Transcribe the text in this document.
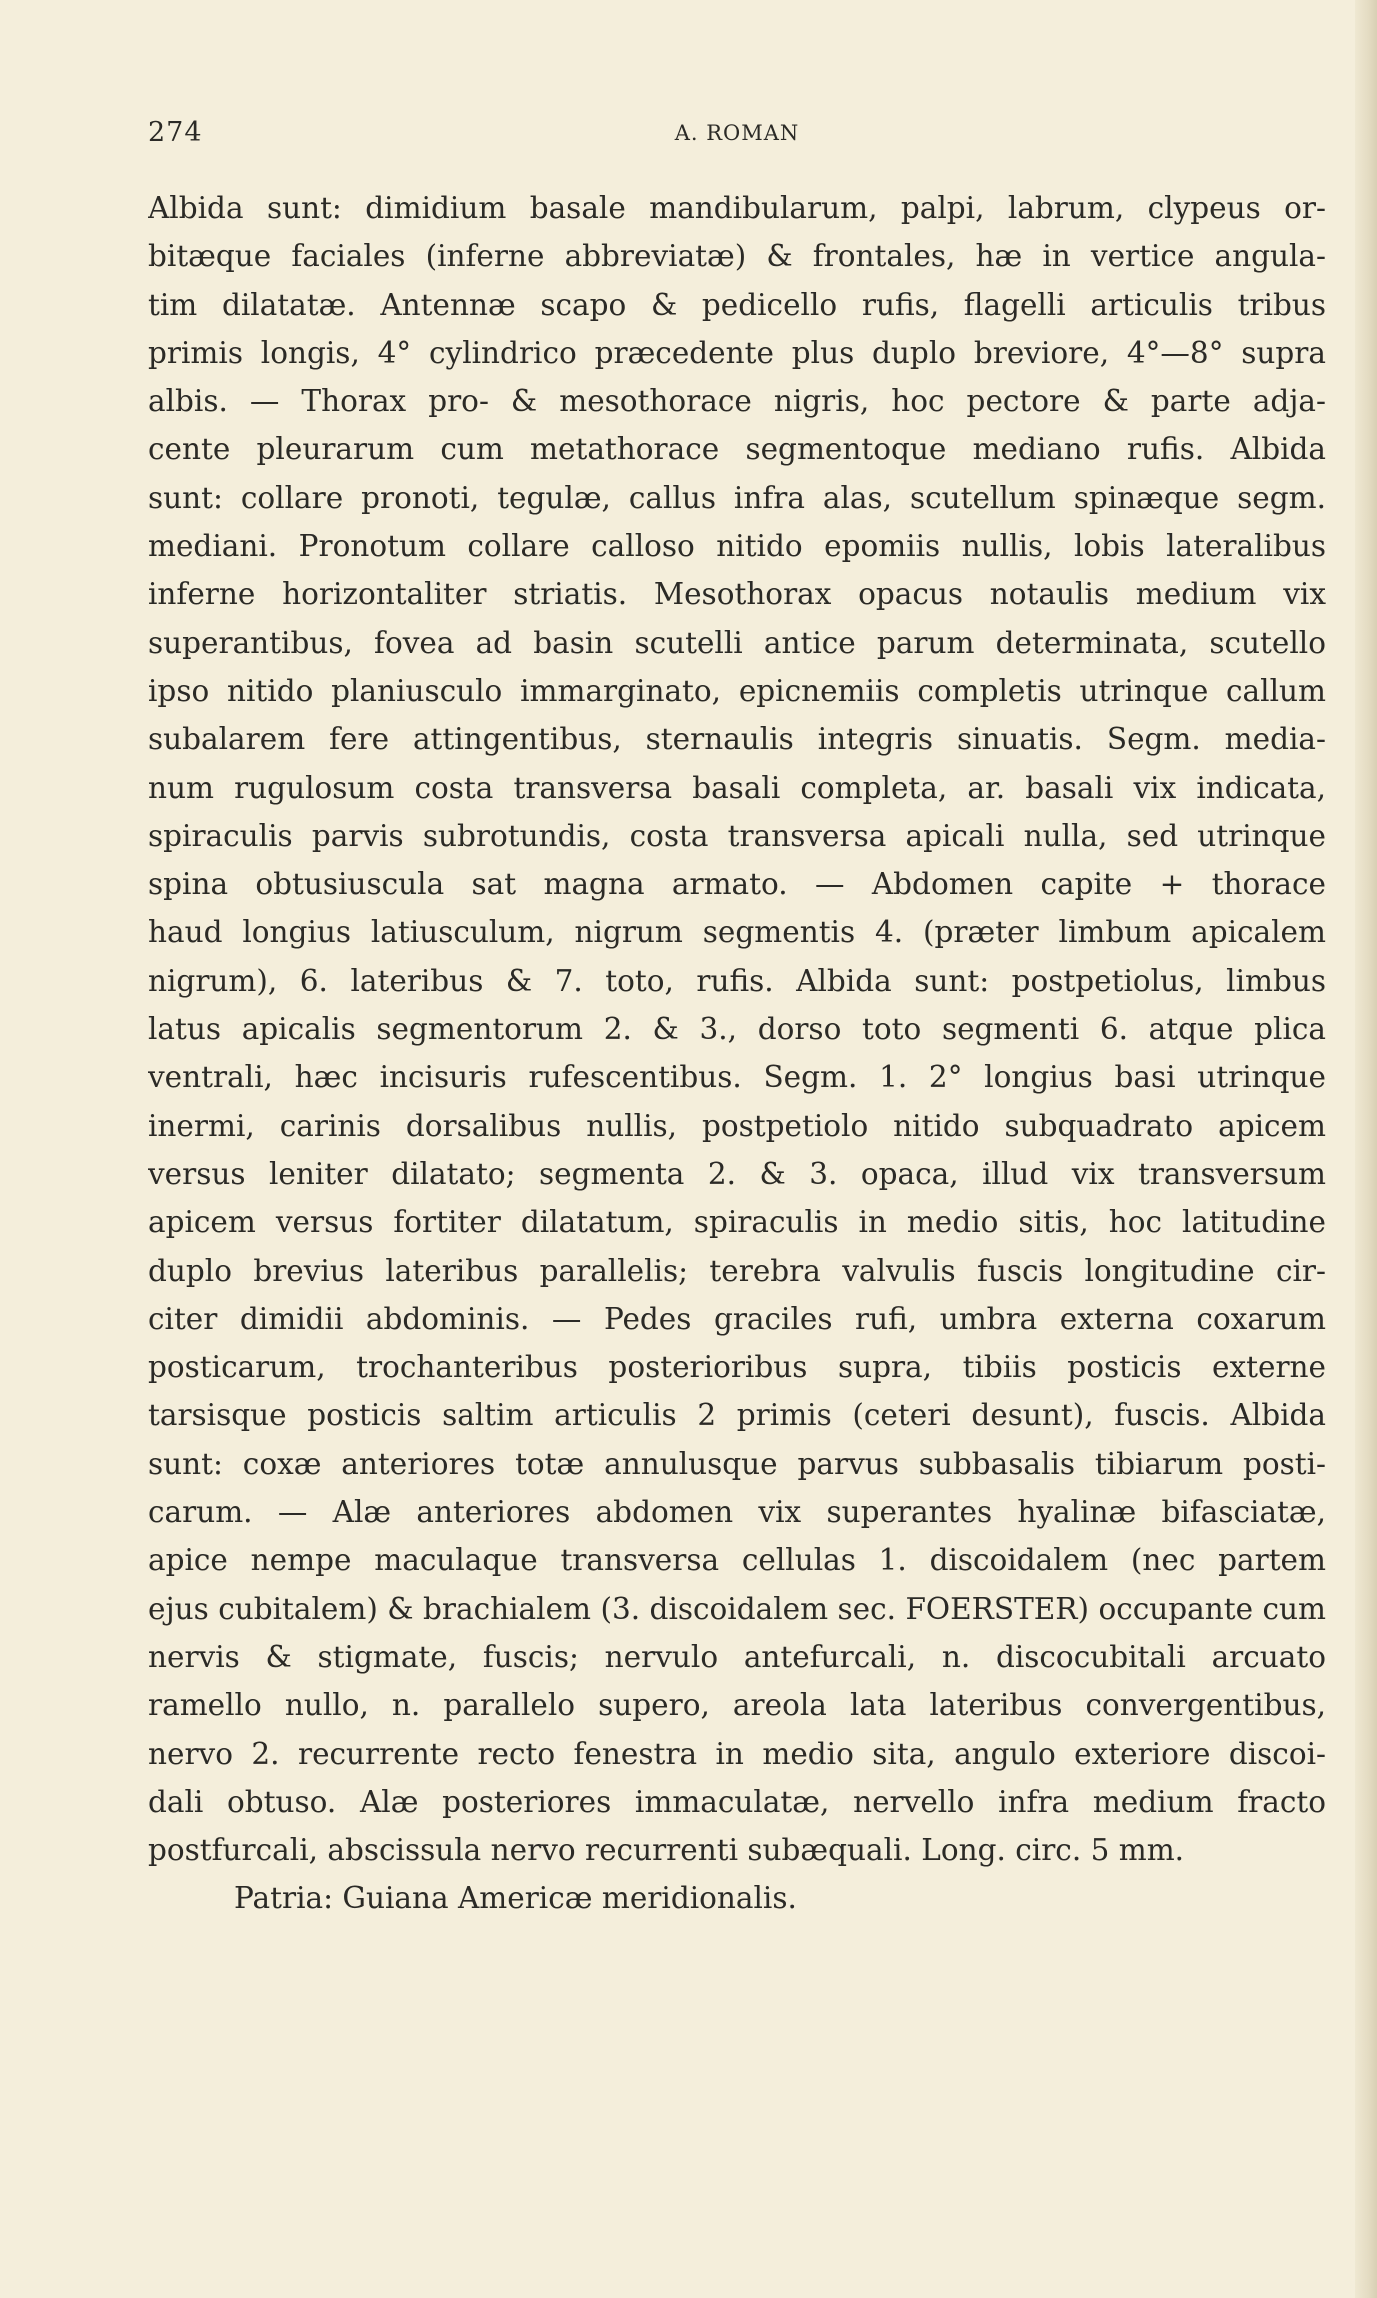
274	A. ROMAN
Albida sunt: dimidium basale mandibularum, palpi, labrum, clypeus or-
bitæque faciales (inferne abbreviatæ) & frontales, hæ in vertice angula-
tim dilatatæ. Antennæ scapo & pedicello rufis, flagelli articulis tribus
primis longis, 4° cylindrico præcedente plus duplo breviore, 4°—8° supra
albis. — Thorax pro- & mesothorace nigris, hoc pectore & parte adja-
cente pleurarum cum metathorace segmentoque mediano rufis. Albida
sunt: collare pronoti, tegulæ, callus infra alas, scutellum spinæque segm.
mediani. Pronotum collare calloso nitido epomiis nullis, lobis lateralibus
inferne horizontaliter striatis. Mesothorax opacus notaulis medium vix
superantibus, fovea ad basin scutelli antice parum determinata, scutello
ipso nitido planiusculo immarginato, epicnemiis completis utrinque callum
subalarem fere attingentibus, sternaulis integris sinuatis. Segm. media-
num rugulosum costa transversa basali completa, ar. basali vix indicata,
spiraculis parvis subrotundis, costa transversa apicali nulla, sed utrinque
spina obtusiuscula sat magna armato. — Abdomen capite + thorace
haud longius latiusculum, nigrum segmentis 4. (præter limbum apicalem
nigrum), 6. lateribus & 7. toto, rufis. Albida sunt: postpetiolus, limbus
latus apicalis segmentorum 2. & 3., dorso toto segmenti 6. atque plica
ventrali, hæc incisuris rufescentibus. Segm. 1. 2° longius basi utrinque
inermi, carinis dorsalibus nullis, postpetiolo nitido subquadrato apicem
versus leniter dilatato; segmenta 2. & 3. opaca, illud vix transversum
apicem versus fortiter dilatatum, spiraculis in medio sitis, hoc latitudine
duplo brevius lateribus parallelis; terebra valvulis fuscis longitudine cir-
citer dimidii abdominis. — Pedes graciles rufi, umbra externa coxarum
posticarum, trochanteribus posterioribus supra, tibiis posticis externe
tarsisque posticis saltim articulis 2 primis (ceteri desunt), fuscis. Albida
sunt: coxæ anteriores totæ annulusque parvus subbasalis tibiarum posti-
carum. — Alæ anteriores abdomen vix superantes hyalinæ bifasciatæ,
apice nempe maculaque transversa cellulas 1. discoidalem (nec partem
ejus cubitalem) & brachialem (3. discoidalem sec. FOERSTER) occupante cum
nervis & stigmate, fuscis; nervulo antefurcali, n. discocubitali arcuato
ramello nullo, n. parallelo supero, areola lata lateribus convergentibus,
nervo 2. recurrente recto fenestra in medio sita, angulo exteriore discoi-
dali obtuso. Alæ posteriores immaculatæ, nervello infra medium fracto
postfurcali, abscissula nervo recurrenti subæquali. Long. circ. 5 mm.
Patria: Guiana Americæ meridionalis.
